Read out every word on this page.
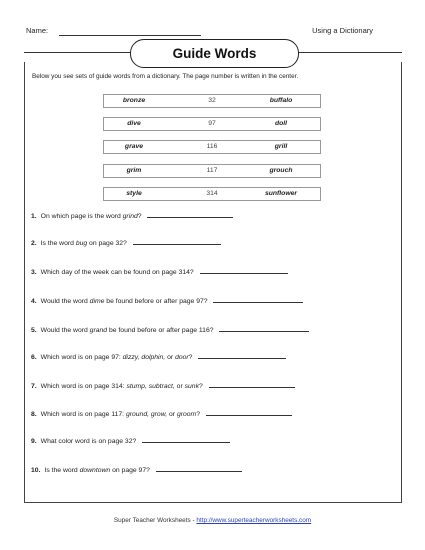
Name:	Using a Dictionary
Guide Words
Below you see sets of guide words from a dictionary. The page number is written in the center.
bronze	32	buffalo
dive	97	doll
grave	116	grill
grim	117	grouch
style	314	sunflower
1. On which page is the word grind?
2. Is the word bug on page 32?
3. Which day of the week can be found on page 314?
4. Would the word dime be found before or after page 97?
5. Would the word grand be found before or after page 116?
6. Which word is on page 97: dizzy, dolphin, or door?
7. Which word is on page 314: stump, subtract, or sunk?
8. Which word is on page 117: ground, grow, or groom?
9. What color word is on page 32?
10. Is the word downtown on page 97?
Super Teacher Worksheets - http://www.superteacherworksheets.com
